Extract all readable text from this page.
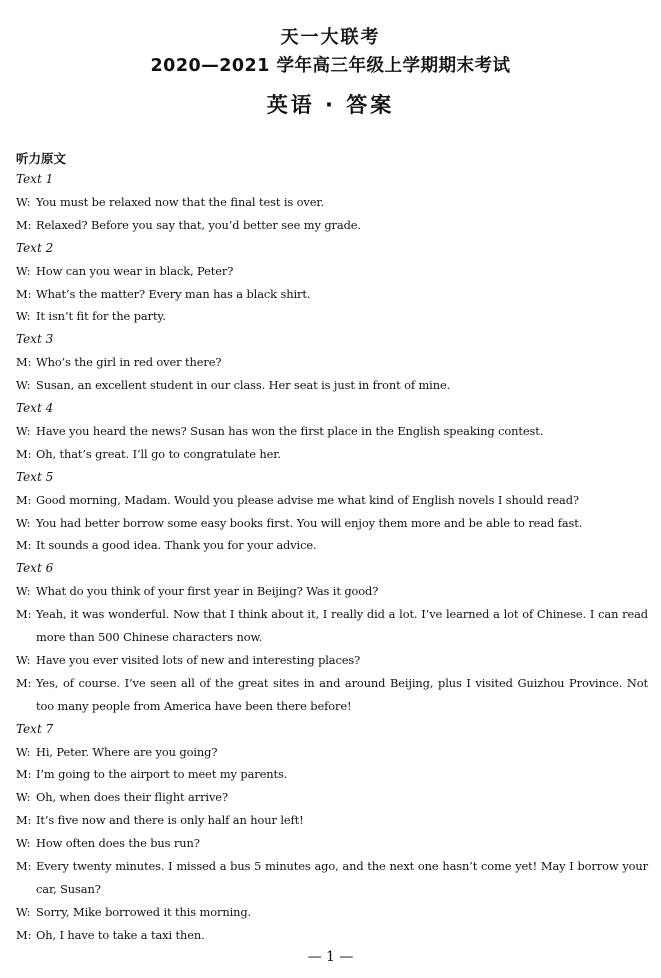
天一大联考
2020—2021 学年高三年级上学期期末考试
英语 · 答案
听力原文
Text 1
W: You must be relaxed now that the final test is over.
M: Relaxed? Before you say that, you’d better see my grade.
Text 2
W: How can you wear in black, Peter?
M: What’s the matter? Every man has a black shirt.
W: It isn’t fit for the party.
Text 3
M: Who’s the girl in red over there?
W: Susan, an excellent student in our class. Her seat is just in front of mine.
Text 4
W: Have you heard the news? Susan has won the first place in the English speaking contest.
M: Oh, that’s great. I’ll go to congratulate her.
Text 5
M: Good morning, Madam. Would you please advise me what kind of English novels I should read?
W: You had better borrow some easy books first. You will enjoy them more and be able to read fast.
M: It sounds a good idea. Thank you for your advice.
Text 6
W: What do you think of your first year in Beijing? Was it good?
M: Yeah, it was wonderful. Now that I think about it, I really did a lot. I’ve learned a lot of Chinese. I can read more than 500 Chinese characters now.
W: Have you ever visited lots of new and interesting places?
M: Yes, of course. I’ve seen all of the great sites in and around Beijing, plus I visited Guizhou Province. Not too many people from America have been there before!
Text 7
W: Hi, Peter. Where are you going?
M: I’m going to the airport to meet my parents.
W: Oh, when does their flight arrive?
M: It’s five now and there is only half an hour left!
W: How often does the bus run?
M: Every twenty minutes. I missed a bus 5 minutes ago, and the next one hasn’t come yet! May I borrow your car, Susan?
W: Sorry, Mike borrowed it this morning.
M: Oh, I have to take a taxi then.
— 1 —
